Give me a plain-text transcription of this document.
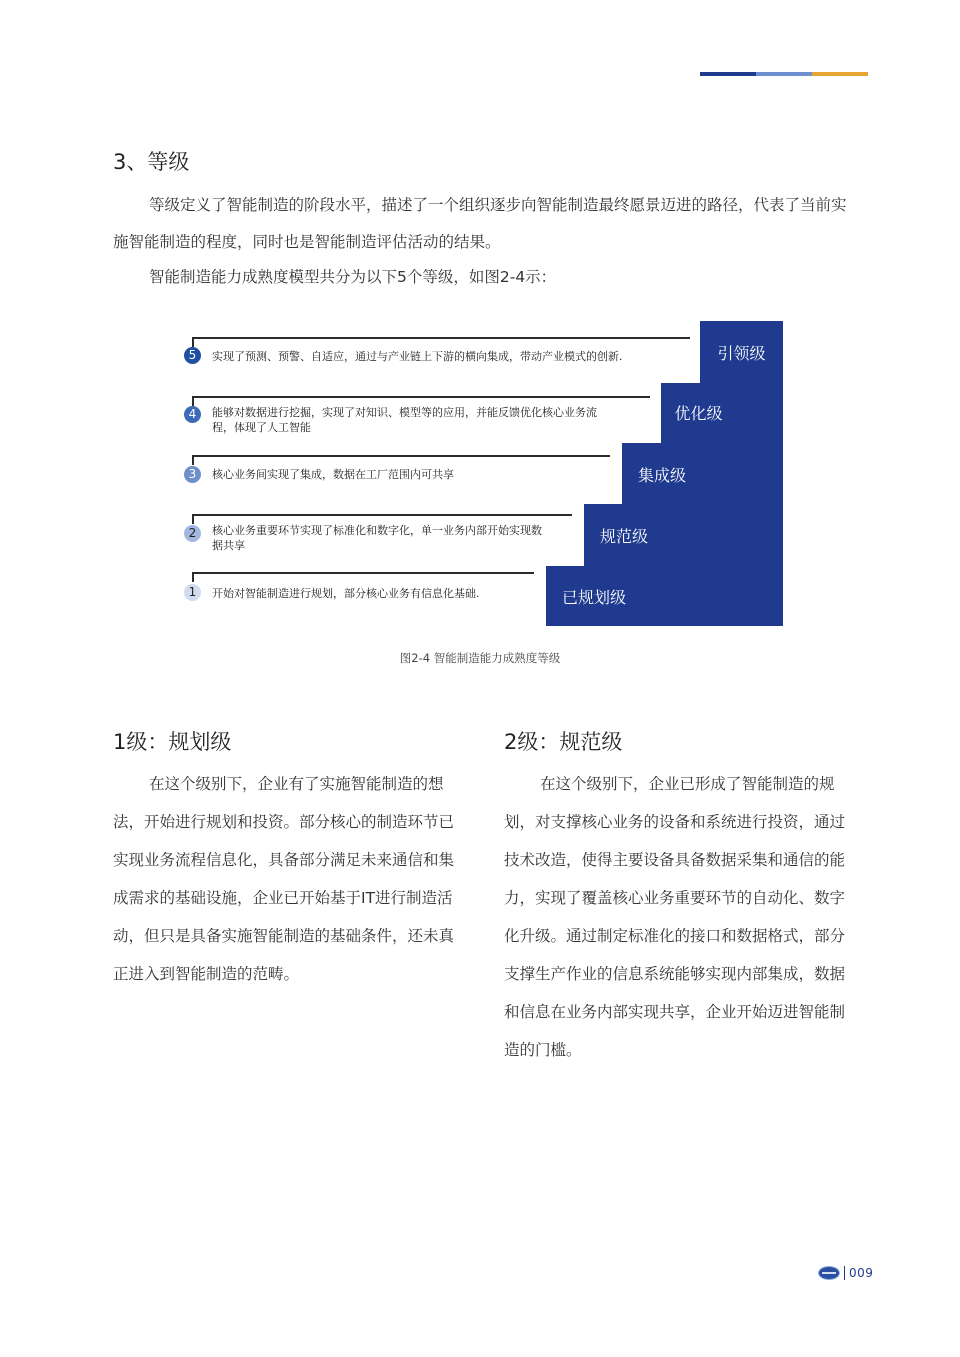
3、等级

等级定义了智能制造的阶段水平，描述了一个组织逐步向智能制造最终愿景迈进的路径，代表了当前实施智能制造的程度，同时也是智能制造评估活动的结果。

智能制造能力成熟度模型共分为以下5个等级，如图2-4示：

引领级
优化级
集成级
规范级
已规划级
5	实现了预测、预警、自适应，通过与产业链上下游的横向集成，带动产业模式的创新.
4	能够对数据进行挖掘，实现了对知识、模型等的应用，并能反馈优化核心业务流程，体现了人工智能
3	核心业务间实现了集成，数据在工厂范围内可共享
2	核心业务重要环节实现了标准化和数字化，单一业务内部开始实现数据共享
1	开始对智能制造进行规划，部分核心业务有信息化基础.
图2-4 智能制造能力成熟度等级
1级：规划级

在这个级别下，企业有了实施智能制造的想法，开始进行规划和投资。部分核心的制造环节已实现业务流程信息化，具备部分满足未来通信和集成需求的基础设施，企业已开始基于IT进行制造活动，但只是具备实施智能制造的基础条件，还未真正进入到智能制造的范畴。

2级：规范级

在这个级别下，企业已形成了智能制造的规划，对支撑核心业务的设备和系统进行投资，通过技术改造，使得主要设备具备数据采集和通信的能力，实现了覆盖核心业务重要环节的自动化、数字化升级。通过制定标准化的接口和数据格式，部分支撑生产作业的信息系统能够实现内部集成，数据和信息在业务内部实现共享，企业开始迈进智能制造的门槛。

009
